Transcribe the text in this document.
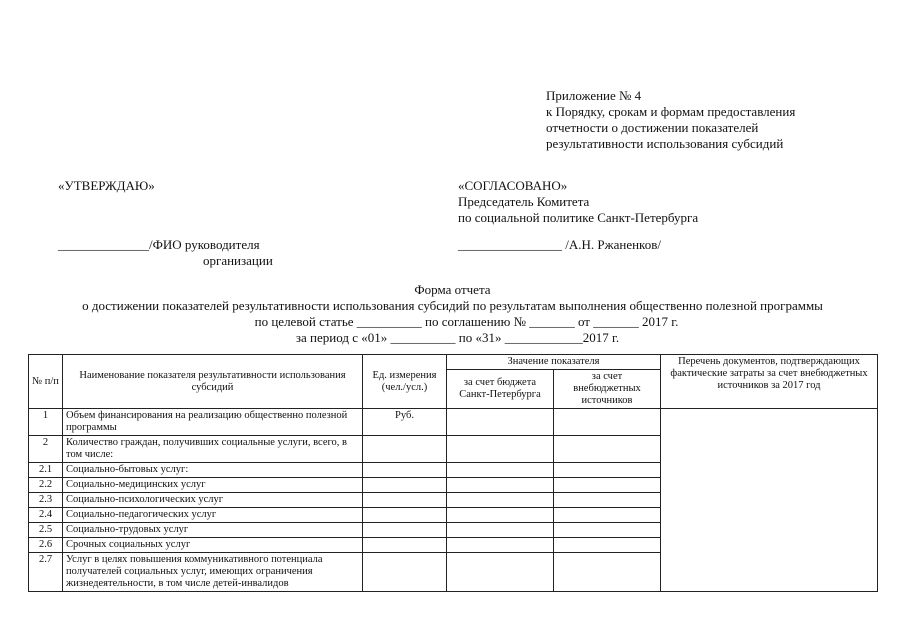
Приложение № 4
к Порядку, срокам и формам предоставления
отчетности о достижении показателей
результативности использования субсидий
«УТВЕРЖДАЮ»	«СОГЛАСОВАНО»
Председатель Комитета
по социальной политике Санкт-Петербурга
______________/ФИО руководителя
организации
________________ /А.Н. Ржаненков/
Форма отчета
о достижении показателей результативности использования субсидий по результатам выполнения общественно полезной программы
по целевой статье __________ по соглашению № _______ от _______ 2017 г.
за период с «01» __________ по «31» ____________2017 г.
№ п/п	Наименование показателя результативности использования субсидий	Ед. измерения (чел./усл.)	Значение показателя		Перечень документов, подтверждающих фактические затраты за счет внебюджетных источников за 2017 год
			за счет бюджета Санкт-Петербурга	за счет внебюджетных источников	
1	Объем финансирования на реализацию общественно полезной программы	Руб.			
2	Количество граждан, получивших социальные услуги, всего, в том числе:				
2.1	Социально-бытовых услуг:				
2.2	Социально-медицинских услуг				
2.3	Социально-психологических услуг				
2.4	Социально-педагогических услуг				
2.5	Социально-трудовых услуг				
2.6	Срочных социальных услуг				
2.7	Услуг в целях повышения коммуникативного потенциала получателей социальных услуг, имеющих ограничения жизнедеятельности, в том числе детей-инвалидов				
